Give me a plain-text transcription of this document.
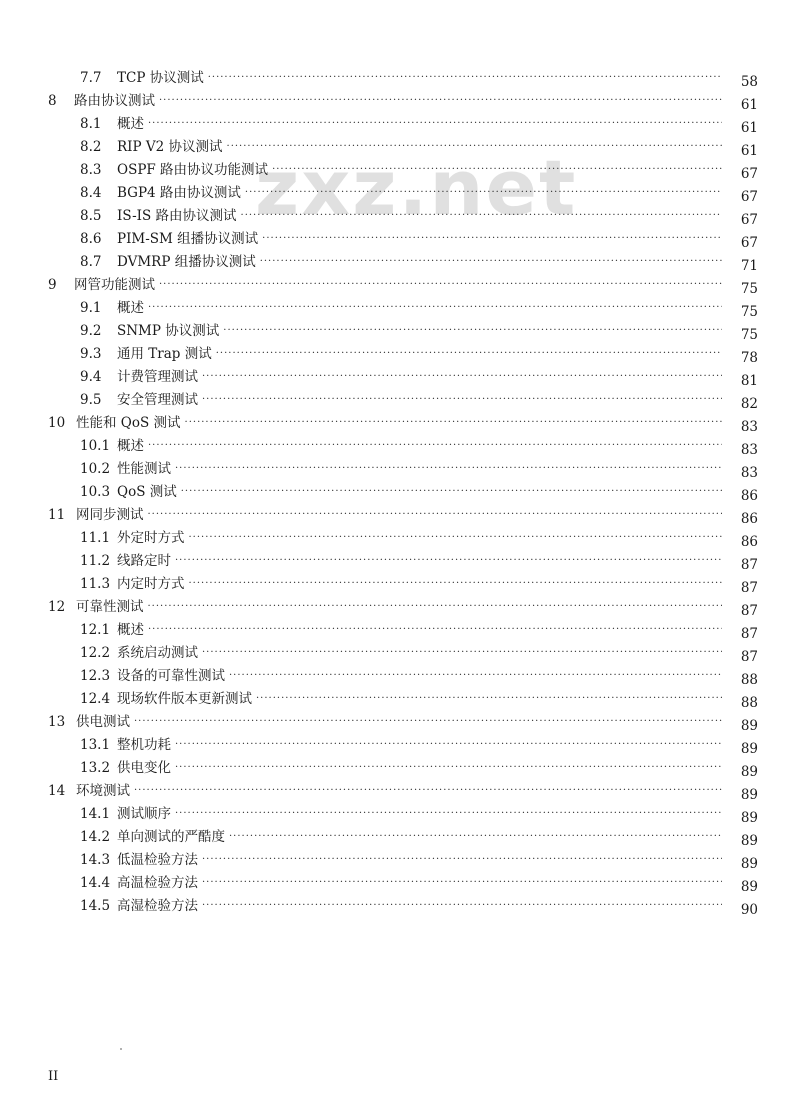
zxz.net
7.7	TCP 协议测试 ·····	58
8	路由协议测试 ·····	61
8.1	概述 ·····	61
8.2	RIP V2 协议测试 ·····	61
8.3	OSPF 路由协议功能测试 ·····	67
8.4	BGP4 路由协议测试 ·····	67
8.5	IS-IS 路由协议测试 ·····	67
8.6	PIM-SM 组播协议测试 ·····	67
8.7	DVMRP 组播协议测试 ·····	71
9	网管功能测试 ·····	75
9.1	概述 ·····	75
9.2	SNMP 协议测试 ·····	75
9.3	通用 Trap 测试 ·····	78
9.4	计费管理测试 ·····	81
9.5	安全管理测试 ·····	82
10 性能和 QoS 测试 ·····	83
10.1 概述 ·····	83
10.2 性能测试 ·····	83
10.3 QoS 测试 ·····	86
11 网同步测试 ·····	86
11.1 外定时方式 ·····	86
11.2 线路定时 ·····	87
11.3 内定时方式 ·····	87
12 可靠性测试 ·····	87
12.1 概述 ·····	87
12.2 系统启动测试 ·····	87
12.3 设备的可靠性测试 ·····	88
12.4 现场软件版本更新测试 ·····	88
13 供电测试 ·····	89
13.1 整机功耗 ·····	89
13.2 供电变化 ·····	89
14 环境测试 ·····	89
14.1 测试顺序 ·····	89
14.2 单向测试的严酷度 ·····	89
14.3 低温检验方法 ·····	89
14.4 高温检验方法 ·····	89
14.5 高湿检验方法 ·····	90
II
